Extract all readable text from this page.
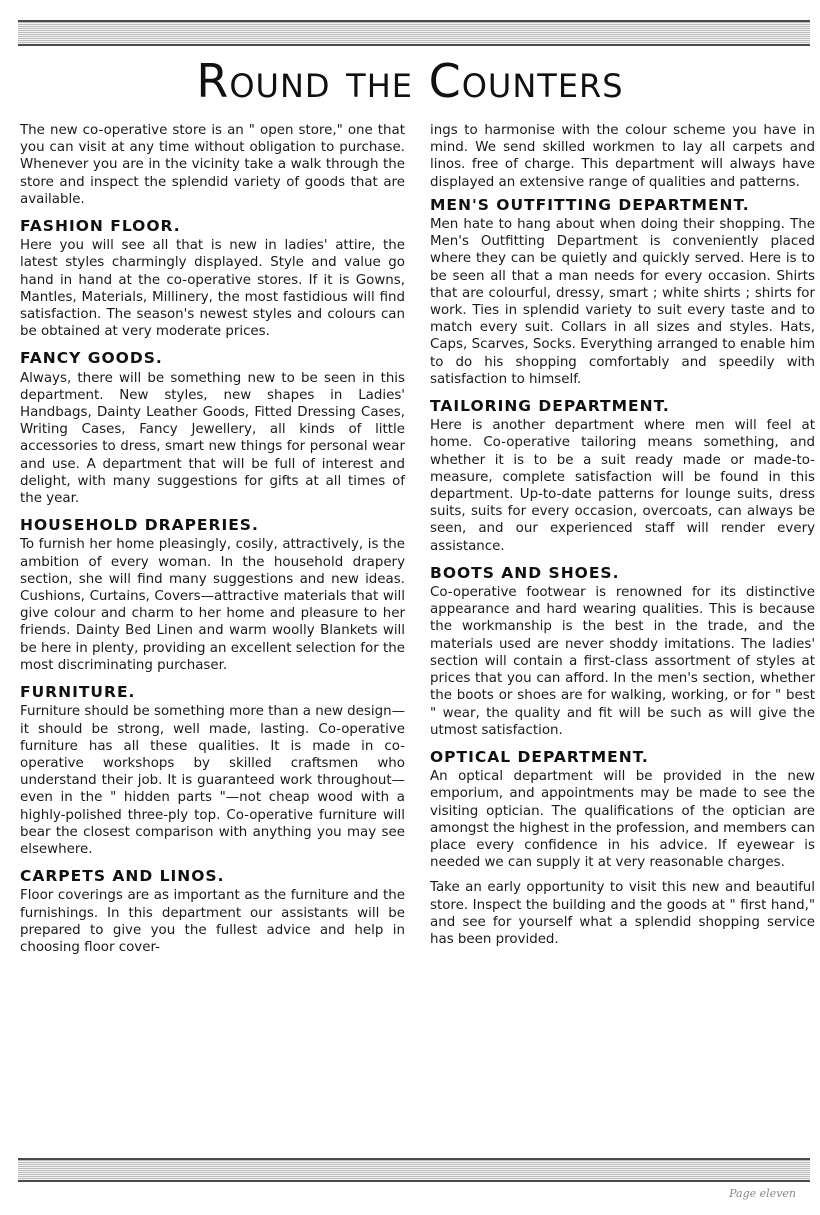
Round the Counters

The new co-operative store is an " open store," one that you can visit at any time without obligation to purchase. Whenever you are in the vicinity take a walk through the store and inspect the splendid variety of goods that are available.

FASHION FLOOR.

Here you will see all that is new in ladies' attire, the latest styles charmingly displayed. Style and value go hand in hand at the co-operative stores. If it is Gowns, Mantles, Materials, Millinery, the most fastidious will find satisfaction. The season's newest styles and colours can be obtained at very moderate prices.

FANCY GOODS.

Always, there will be something new to be seen in this department. New styles, new shapes in Ladies' Handbags, Dainty Leather Goods, Fitted Dressing Cases, Writing Cases, Fancy Jewellery, all kinds of little accessories to dress, smart new things for personal wear and use. A department that will be full of interest and delight, with many suggestions for gifts at all times of the year.

HOUSEHOLD DRAPERIES.

To furnish her home pleasingly, cosily, attractively, is the ambition of every woman. In the household drapery section, she will find many suggestions and new ideas. Cushions, Curtains, Covers—attractive materials that will give colour and charm to her home and pleasure to her friends. Dainty Bed Linen and warm woolly Blankets will be here in plenty, providing an excellent selection for the most discriminating purchaser.

FURNITURE.

Furniture should be something more than a new design—it should be strong, well made, lasting. Co-operative furniture has all these qualities. It is made in co-operative workshops by skilled craftsmen who understand their job. It is guaranteed work throughout—even in the " hidden parts "—not cheap wood with a highly-polished three-ply top. Co-operative furniture will bear the closest comparison with anything you may see elsewhere.

CARPETS AND LINOS.

Floor coverings are as important as the furniture and the furnishings. In this department our assistants will be prepared to give you the fullest advice and help in choosing floor cover-

ings to harmonise with the colour scheme you have in mind. We send skilled workmen to lay all carpets and linos. free of charge. This department will always have displayed an extensive range of qualities and patterns.

MEN'S OUTFITTING DEPARTMENT.

Men hate to hang about when doing their shopping. The Men's Outfitting Department is conveniently placed where they can be quietly and quickly served. Here is to be seen all that a man needs for every occasion. Shirts that are colourful, dressy, smart ; white shirts ; shirts for work. Ties in splendid variety to suit every taste and to match every suit. Collars in all sizes and styles. Hats, Caps, Scarves, Socks. Everything arranged to enable him to do his shopping comfortably and speedily with satisfaction to himself.

TAILORING DEPARTMENT.

Here is another department where men will feel at home. Co-operative tailoring means something, and whether it is to be a suit ready made or made-to-measure, complete satisfaction will be found in this department. Up-to-date patterns for lounge suits, dress suits, suits for every occasion, overcoats, can always be seen, and our experienced staff will render every assistance.

BOOTS AND SHOES.

Co-operative footwear is renowned for its distinctive appearance and hard wearing qualities. This is because the workmanship is the best in the trade, and the materials used are never shoddy imitations. The ladies' section will contain a first-class assortment of styles at prices that you can afford. In the men's section, whether the boots or shoes are for walking, working, or for " best " wear, the quality and fit will be such as will give the utmost satisfaction.

OPTICAL DEPARTMENT.

An optical department will be provided in the new emporium, and appointments may be made to see the visiting optician. The qualifications of the optician are amongst the highest in the profession, and members can place every confidence in his advice. If eyewear is needed we can supply it at very reasonable charges.

Take an early opportunity to visit this new and beautiful store. Inspect the building and the goods at " first hand," and see for yourself what a splendid shopping service has been provided.

Page eleven
